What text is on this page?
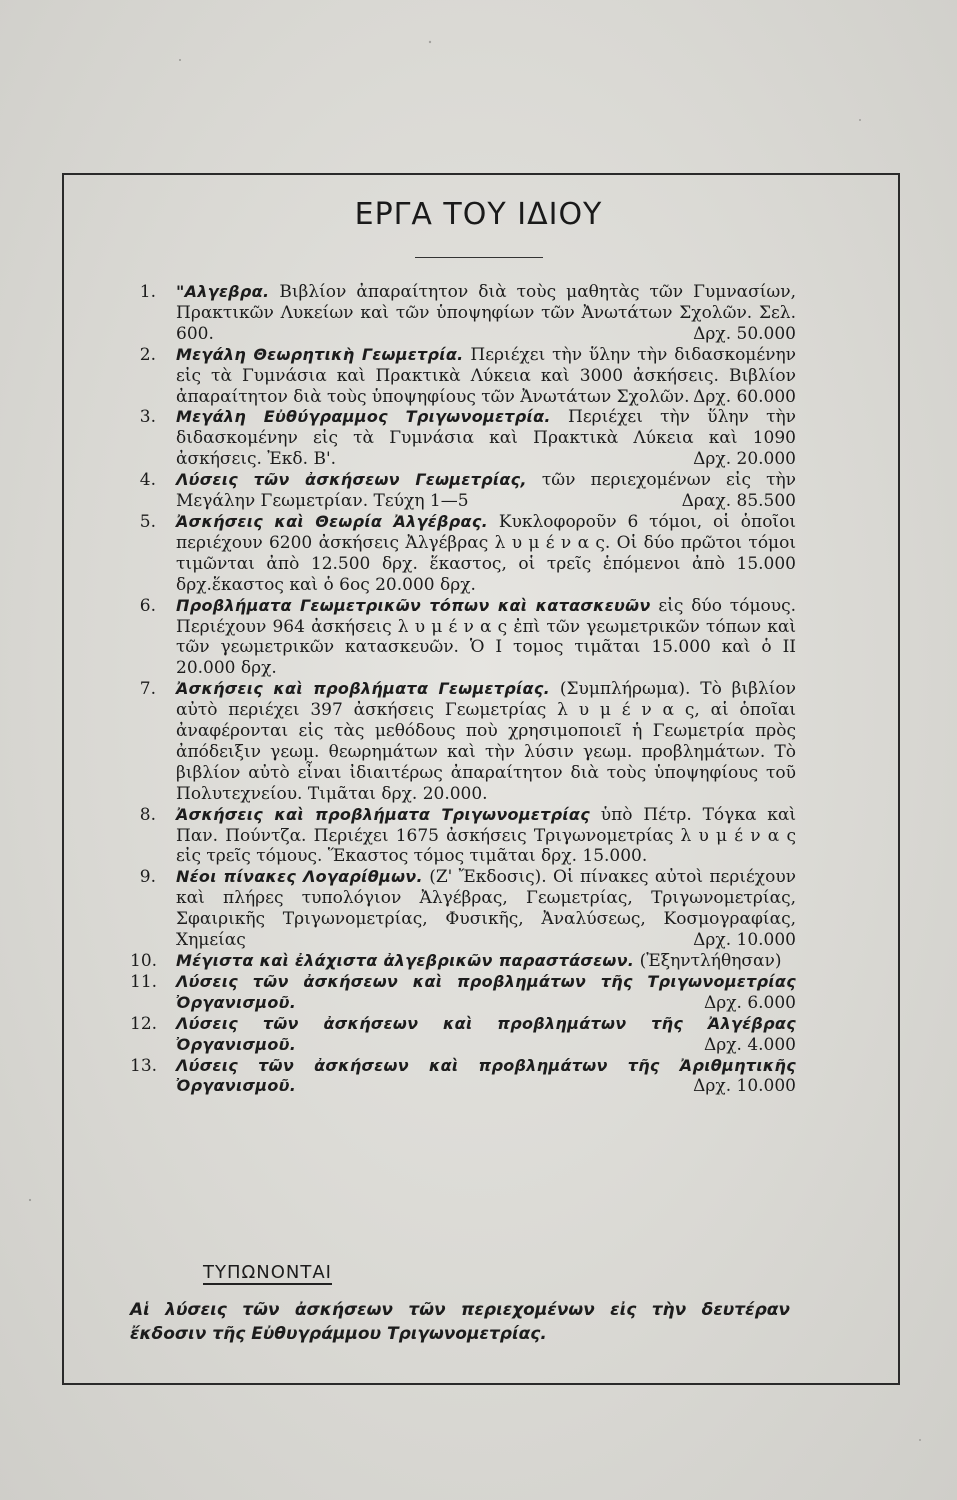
ΕΡΓΑ ΤΟΥ ΙΔΙΟΥ

1. "Αλγεβρα. Βιβλίον ἀπαραίτητον διὰ τοὺς μαθητὰς τῶν Γυμνασίων, Πρακτικῶν Λυκείων καὶ τῶν ὑποψηφίων τῶν Ἀνωτάτων Σχολῶν. Σελ. 600.	Δρχ. 50.000

2. Μεγάλη Θεωρητικὴ Γεωμετρία. Περιέχει τὴν ὕλην τὴν διδασκομένην εἰς τὰ Γυμνάσια καὶ Πρακτικὰ Λύκεια καὶ 3000 ἀσκήσεις. Βιβλίον ἀπαραίτητον διὰ τοὺς ὑποψηφίους τῶν Ἀνωτάτων Σχολῶν. Δρχ. 60.000

3. Μεγάλη Εὐθύγραμμος Τριγωνομετρία. Περιέχει τὴν ὕλην τὴν διδασκομένην εἰς τὰ Γυμνάσια καὶ Πρακτικὰ Λύκεια καὶ 1090 ἀσκήσεις. Ἐκδ. Β'.	Δρχ. 20.000

4. Λύσεις τῶν ἀσκήσεων Γεωμετρίας, τῶν περιεχομένων εἰς τὴν Μεγάλην Γεωμετρίαν. Τεύχη 1—5	Δραχ. 85.500

5. Ἀσκήσεις καὶ Θεωρία Ἀλγέβρας. Κυκλοφοροῦν 6 τόμοι, οἱ ὁποῖοι περιέχουν 6200 ἀσκήσεις Ἀλγέβρας λ υ μ έ ν α ς. Οἱ δύο πρῶτοι τόμοι τιμῶνται ἀπὸ 12.500 δρχ. ἕκαστος, οἱ τρεῖς ἑπόμενοι ἀπὸ 15.000 δρχ.ἕκαστος καὶ ὁ 6ος 20.000 δρχ.

6. Προβλήματα Γεωμετρικῶν τόπων καὶ κατασκευῶν εἰς δύο τόμους. Περιέχουν 964 ἀσκήσεις λ υ μ έ ν α ς ἐπὶ τῶν γεωμετρικῶν τόπων καὶ τῶν γεωμετρικῶν κατασκευῶν. Ὁ Ι τομος τιμᾶται 15.000 καὶ ὁ ΙΙ 20.000 δρχ.

7. Ἀσκήσεις καὶ προβλήματα Γεωμετρίας. (Συμπλήρωμα). Τὸ βιβλίον αὐτὸ περιέχει 397 ἀσκήσεις Γεωμετρίας λ υ μ έ ν α ς, αἱ ὁποῖαι ἀναφέρονται εἰς τὰς μεθόδους ποὺ χρησιμοποιεῖ ἡ Γεωμετρία πρὸς ἀπόδειξιν γεωμ. θεωρημάτων καὶ τὴν λύσιν γεωμ. προβλημάτων. Τὸ βιβλίον αὐτὸ εἶναι ἰδιαιτέρως ἀπαραίτητον διὰ τοὺς ὑποψηφίους τοῦ Πολυτεχνείου. Τιμᾶται δρχ. 20.000.

8. Ἀσκήσεις καὶ προβλήματα Τριγωνομετρίας ὑπὸ Πέτρ. Τόγκα καὶ Παν. Πούντζα. Περιέχει 1675 ἀσκήσεις Τριγωνομετρίας λ υ μ έ ν α ς εἰς τρεῖς τόμους. Ἕκαστος τόμος τιμᾶται δρχ. 15.000.

9. Νέοι πίνακες Λογαρίθμων. (Ζ' Ἔκδοσις). Οἱ πίνακες αὐτοὶ περιέχουν καὶ πλήρες τυπολόγιον Ἀλγέβρας, Γεωμετρίας, Τριγωνομετρίας, Σφαιρικῆς Τριγωνομετρίας, Φυσικῆς, Ἀναλύσεως, Κοσμογραφίας, Χημείας	Δρχ. 10.000

10. Μέγιστα καὶ ἐλάχιστα ἀλγεβρικῶν παραστάσεων. (Ἐξηντλήθησαν)

11. Λύσεις τῶν ἀσκήσεων καὶ προβλημάτων τῆς Τριγωνομετρίας Ὀργανισμοῦ.	Δρχ. 6.000

12. Λύσεις τῶν ἀσκήσεων καὶ προβλημάτων τῆς Ἀλγέβρας Ὀργανισμοῦ.	Δρχ. 4.000

13. Λύσεις τῶν ἀσκήσεων καὶ προβλημάτων τῆς Ἀριθμητικῆς Ὀργανισμοῦ.	Δρχ. 10.000

ΤΥΠΩΝΟΝΤΑΙ
Αἱ λύσεις τῶν ἀσκήσεων τῶν περιεχομένων εἰς τὴν δευτέραν ἔκδοσιν τῆς Εὐθυγράμμου Τριγωνομετρίας.
